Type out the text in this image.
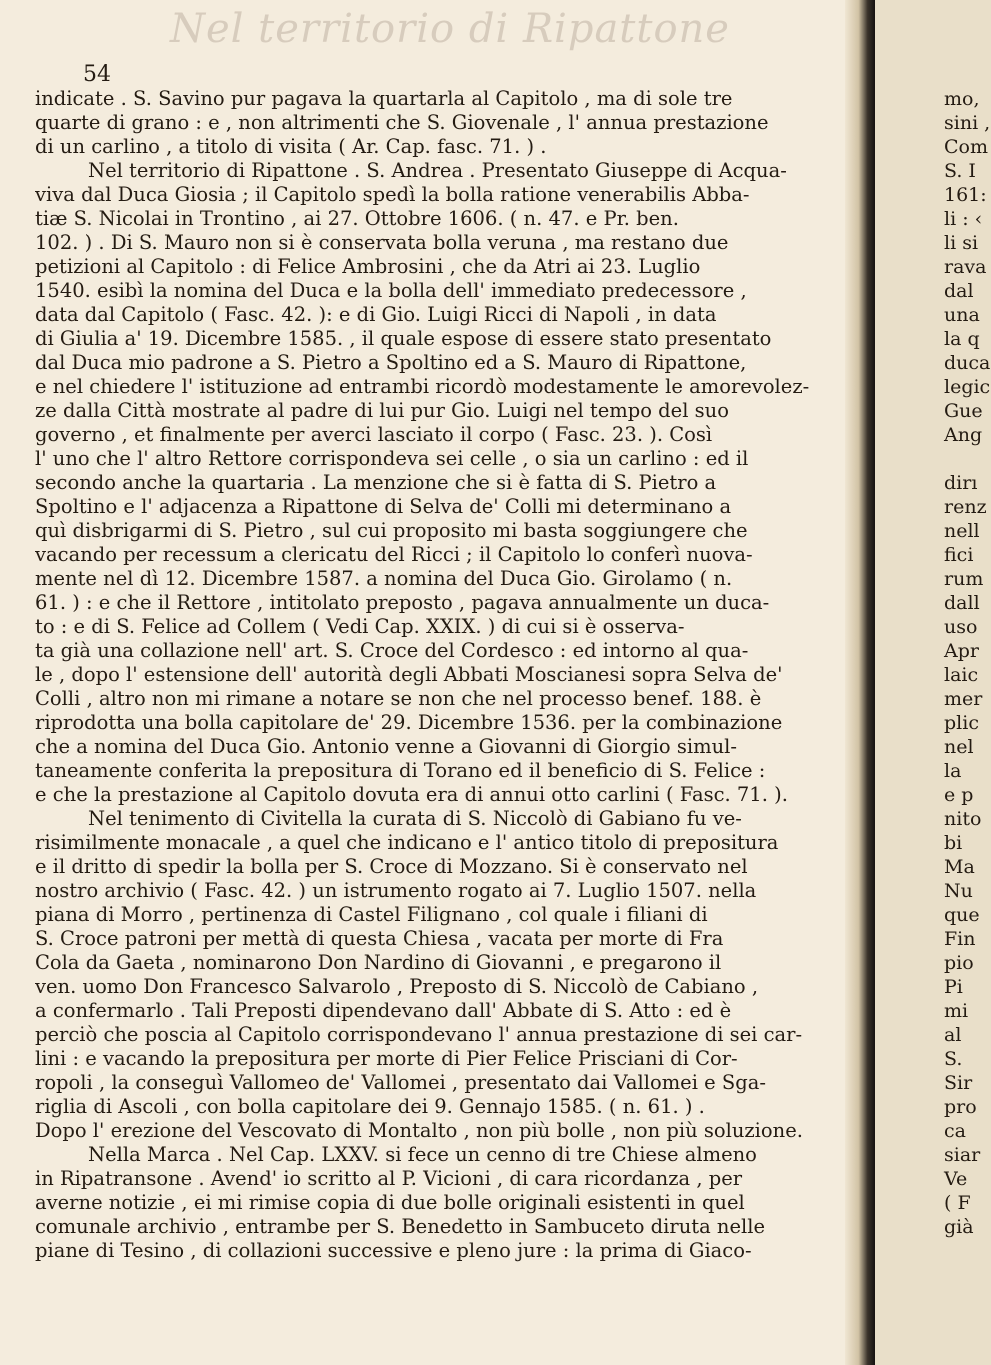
Nel territorio di Ripattone
54
indicate . S. Savino pur pagava la quartarla al Capitolo , ma di sole tre
quarte di grano : e , non altrimenti che S. Giovenale , l' annua prestazione
di un carlino , a titolo di visita ( Ar. Cap. fasc. 71. ) .
Nel territorio di Ripattone . S. Andrea . Presentato Giuseppe di Acqua-
viva dal Duca Giosia ; il Capitolo spedì la bolla ratione venerabilis Abba-
tiæ S. Nicolai in Trontino , ai 27. Ottobre 1606. ( n. 47. e Pr. ben.
102. ) . Di S. Mauro non si è conservata bolla veruna , ma restano due
petizioni al Capitolo : di Felice Ambrosini , che da Atri ai 23. Luglio
1540. esibì la nomina del Duca e la bolla dell' immediato predecessore ,
data dal Capitolo ( Fasc. 42. ): e di Gio. Luigi Ricci di Napoli , in data
di Giulia a' 19. Dicembre 1585. , il quale espose di essere stato presentato
dal Duca mio padrone a S. Pietro a Spoltino ed a S. Mauro di Ripattone,
e nel chiedere l' istituzione ad entrambi ricordò modestamente le amorevolez-
ze dalla Città mostrate al padre di lui pur Gio. Luigi nel tempo del suo
governo , et finalmente per averci lasciato il corpo ( Fasc. 23. ). Così
l' uno che l' altro Rettore corrispondeva sei celle , o sia un carlino : ed il
secondo anche la quartaria . La menzione che si è fatta di S. Pietro a
Spoltino e l' adjacenza a Ripattone di Selva de' Colli mi determinano a
quì disbrigarmi di S. Pietro , sul cui proposito mi basta soggiungere che
vacando per recessum a clericatu del Ricci ; il Capitolo lo conferì nuova-
mente nel dì 12. Dicembre 1587. a nomina del Duca Gio. Girolamo ( n.
61. ) : e che il Rettore , intitolato preposto , pagava annualmente un duca-
to : e di S. Felice ad Collem ( Vedi Cap. XXIX. ) di cui si è osserva-
ta già una collazione nell' art. S. Croce del Cordesco : ed intorno al qua-
le , dopo l' estensione dell' autorità degli Abbati Moscianesi sopra Selva de'
Colli , altro non mi rimane a notare se non che nel processo benef. 188. è
riprodotta una bolla capitolare de' 29. Dicembre 1536. per la combinazione
che a nomina del Duca Gio. Antonio venne a Giovanni di Giorgio simul-
taneamente conferita la prepositura di Torano ed il beneficio di S. Felice :
e che la prestazione al Capitolo dovuta era di annui otto carlini ( Fasc. 71. ).
Nel tenimento di Civitella la curata di S. Niccolò di Gabiano fu ve-
risimilmente monacale , a quel che indicano e l' antico titolo di prepositura
e il dritto di spedir la bolla per S. Croce di Mozzano. Si è conservato nel
nostro archivio ( Fasc. 42. ) un istrumento rogato ai 7. Luglio 1507. nella
piana di Morro , pertinenza di Castel Filignano , col quale i filiani di
S. Croce patroni per mettà di questa Chiesa , vacata per morte di Fra
Cola da Gaeta , nominarono Don Nardino di Giovanni , e pregarono il
ven. uomo Don Francesco Salvarolo , Preposto di S. Niccolò de Cabiano ,
a confermarlo . Tali Preposti dipendevano dall' Abbate di S. Atto : ed è
perciò che poscia al Capitolo corrispondevano l' annua prestazione di sei car-
lini : e vacando la prepositura per morte di Pier Felice Prisciani di Cor-
ropoli , la conseguì Vallomeo de' Vallomei , presentato dai Vallomei e Sga-
riglia di Ascoli , con bolla capitolare dei 9. Gennajo 1585. ( n. 61. ) .
Dopo l' erezione del Vescovato di Montalto , non più bolle , non più soluzione.
Nella Marca . Nel Cap. LXXV. si fece un cenno di tre Chiese almeno
in Ripatransone . Avend' io scritto al P. Vicioni , di cara ricordanza , per
averne notizie , ei mi rimise copia di due bolle originali esistenti in quel
comunale archivio , entrambe per S. Benedetto in Sambuceto diruta nelle
piane di Tesino , di collazioni successive e pleno jure : la prima di Giaco-
mo,
sini ,
Com
S. I
161:
li : ‹
li si
rava
dal
una
la q
duca
legic
Gue
Ang
dirı
renz
nell
fici
rum
dall
uso
Apr
laic
mer
plic
nel
la
e p
nito
bi
Ma
Nu
que
Fin
pio
Pi
mi
al
S.
Sir
pro
ca
siar
Ve
( F
già
